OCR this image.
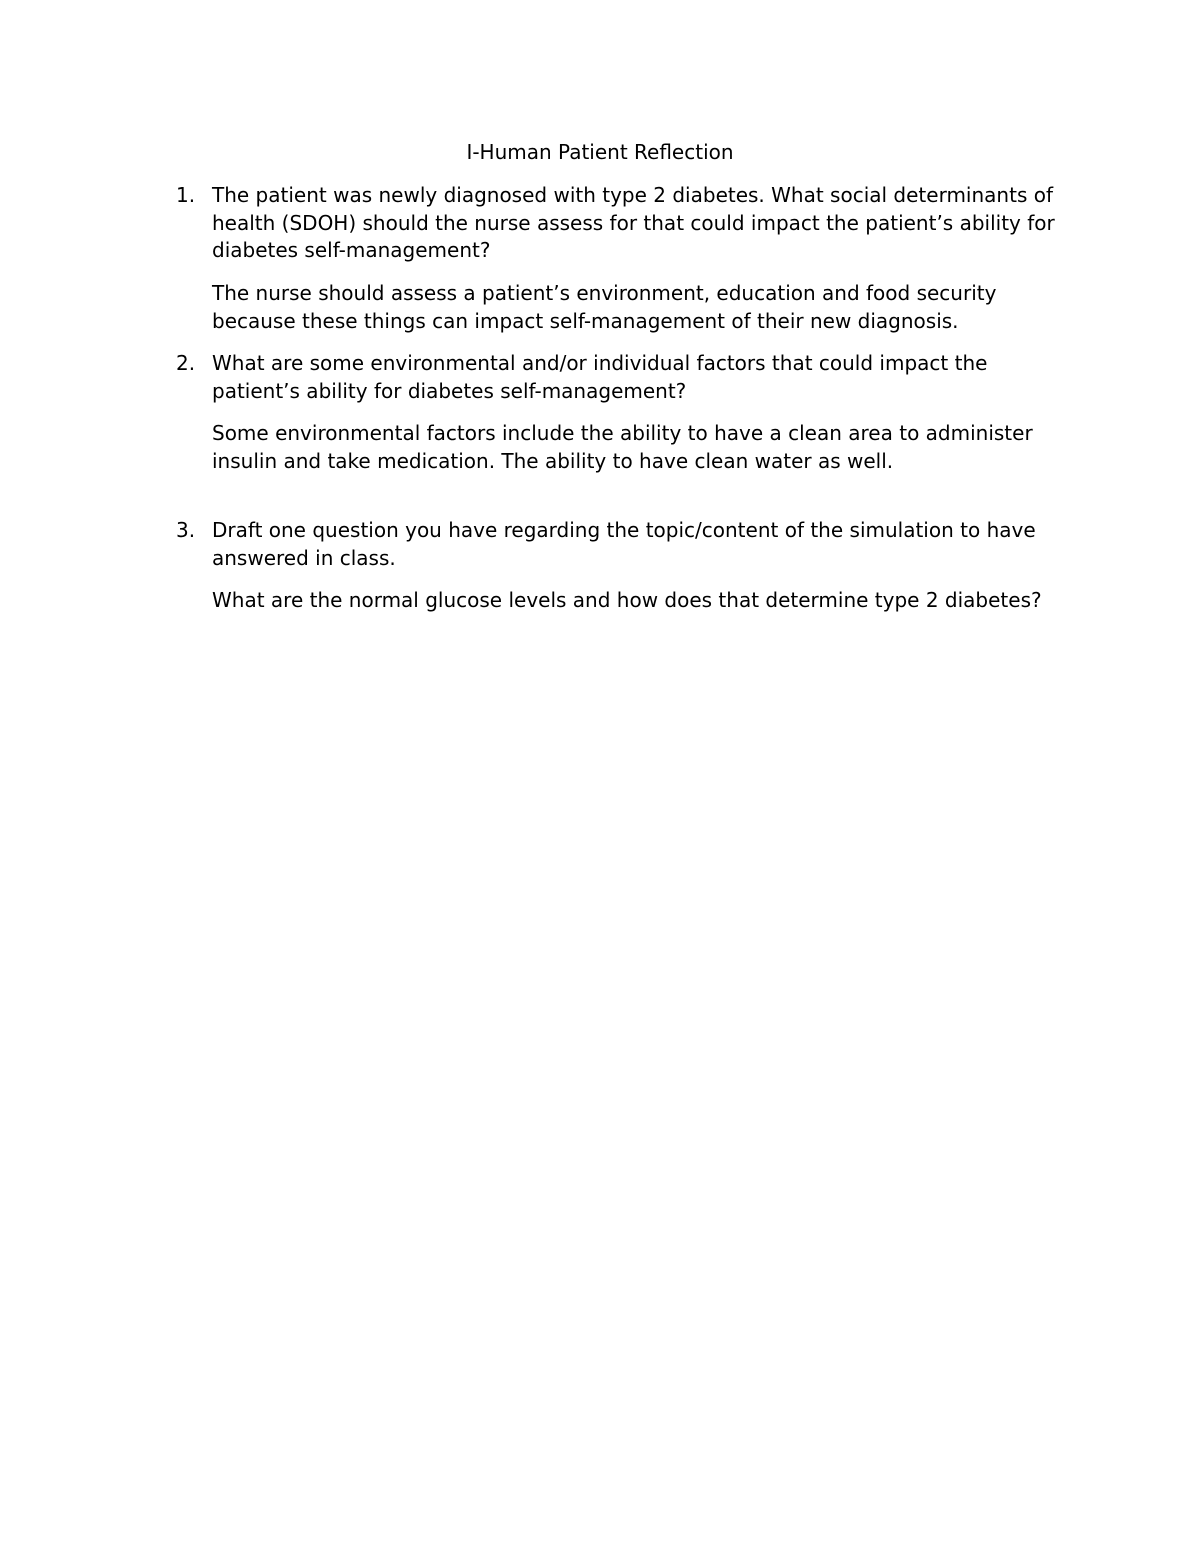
I-Human Patient Reflection
1. The patient was newly diagnosed with type 2 diabetes. What social determinants of health (SDOH) should the nurse assess for that could impact the patient’s ability for diabetes self-management?

The nurse should assess a patient’s environment, education and food security because these things can impact self-management of their new diagnosis.

2. What are some environmental and/or individual factors that could impact the patient’s ability for diabetes self-management?

Some environmental factors include the ability to have a clean area to administer insulin and take medication. The ability to have clean water as well.

3. Draft one question you have regarding the topic/content of the simulation to have answered in class.

What are the normal glucose levels and how does that determine type 2 diabetes?
